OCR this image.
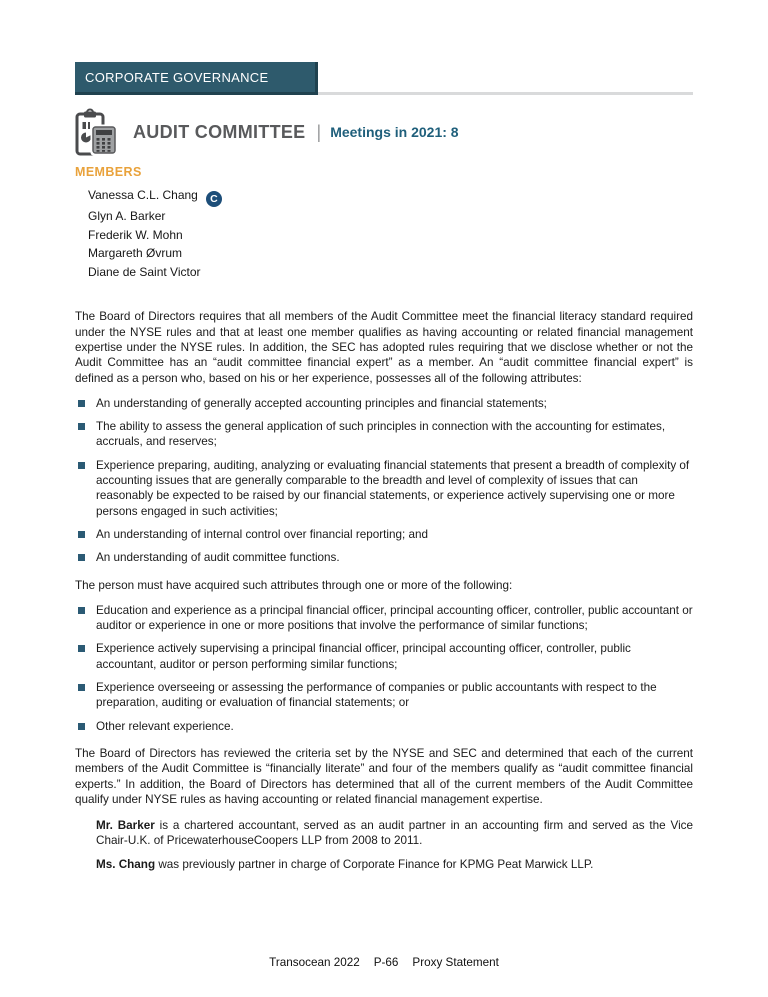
CORPORATE GOVERNANCE
AUDIT COMMITTEE | Meetings in 2021: 8
MEMBERS
Vanessa C.L. Chang C
Glyn A. Barker
Frederik W. Mohn
Margareth Øvrum
Diane de Saint Victor

The Board of Directors requires that all members of the Audit Committee meet the financial literacy standard required under the NYSE rules and that at least one member qualifies as having accounting or related financial management expertise under the NYSE rules. In addition, the SEC has adopted rules requiring that we disclose whether or not the Audit Committee has an “audit committee financial expert” as a member. An “audit committee financial expert” is defined as a person who, based on his or her experience, possesses all of the following attributes:

An understanding of generally accepted accounting principles and financial statements;
The ability to assess the general application of such principles in connection with the accounting for estimates, accruals, and reserves;
Experience preparing, auditing, analyzing or evaluating financial statements that present a breadth of complexity of accounting issues that are generally comparable to the breadth and level of complexity of issues that can reasonably be expected to be raised by our financial statements, or experience actively supervising one or more persons engaged in such activities;
An understanding of internal control over financial reporting; and
An understanding of audit committee functions.

The person must have acquired such attributes through one or more of the following:

Education and experience as a principal financial officer, principal accounting officer, controller, public accountant or auditor or experience in one or more positions that involve the performance of similar functions;
Experience actively supervising a principal financial officer, principal accounting officer, controller, public accountant, auditor or person performing similar functions;
Experience overseeing or assessing the performance of companies or public accountants with respect to the preparation, auditing or evaluation of financial statements; or
Other relevant experience.

The Board of Directors has reviewed the criteria set by the NYSE and SEC and determined that each of the current members of the Audit Committee is “financially literate” and four of the members qualify as “audit committee financial experts.” In addition, the Board of Directors has determined that all of the current members of the Audit Committee qualify under NYSE rules as having accounting or related financial management expertise.

Mr. Barker is a chartered accountant, served as an audit partner in an accounting firm and served as the Vice Chair-U.K. of PricewaterhouseCoopers LLP from 2008 to 2011.

Ms. Chang was previously partner in charge of Corporate Finance for KPMG Peat Marwick LLP.

Transocean 2022 P-66 Proxy Statement
